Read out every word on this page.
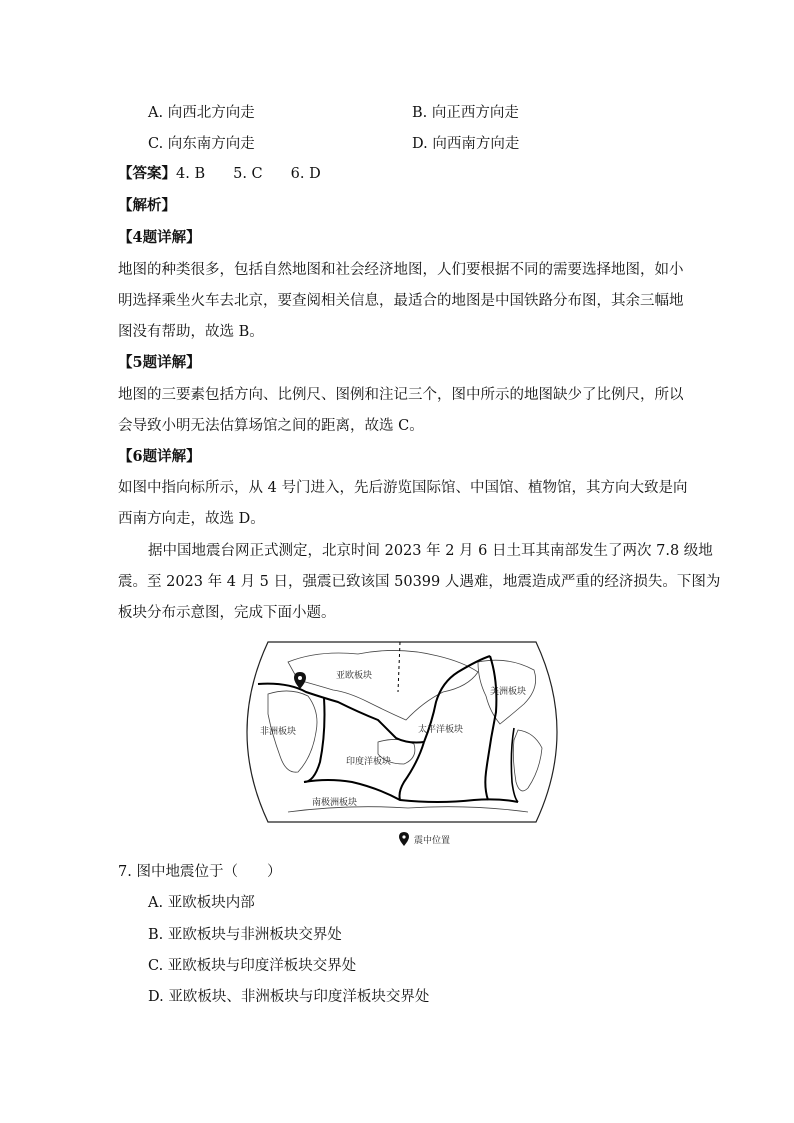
A. 向西北方向走	B. 向正西方向走
C. 向东南方向走	D. 向西南方向走
【答案】4. B 5. C 6. D
【解析】
【4题详解】
地图的种类很多，包括自然地图和社会经济地图，人们要根据不同的需要选择地图，如小
明选择乘坐火车去北京，要查阅相关信息，最适合的地图是中国铁路分布图，其余三幅地
图没有帮助，故选 B。
【5题详解】
地图的三要素包括方向、比例尺、图例和注记三个，图中所示的地图缺少了比例尺，所以
会导致小明无法估算场馆之间的距离，故选 C。
【6题详解】
如图中指向标所示，从 4 号门进入，先后游览国际馆、中国馆、植物馆，其方向大致是向
西南方向走，故选 D。
据中国地震台网正式测定，北京时间 2023 年 2 月 6 日土耳其南部发生了两次 7.8 级地
震。至 2023 年 4 月 5 日，强震已致该国 50399 人遇难，地震造成严重的经济损失。下图为
板块分布示意图，完成下面小题。
亚欧板块
美洲板块
非洲板块	太平洋板块
印度洋板块
南极洲板块
震中位置
7. 图中地震位于（　　）
A. 亚欧板块内部
B. 亚欧板块与非洲板块交界处
C. 亚欧板块与印度洋板块交界处
D. 亚欧板块、非洲板块与印度洋板块交界处
